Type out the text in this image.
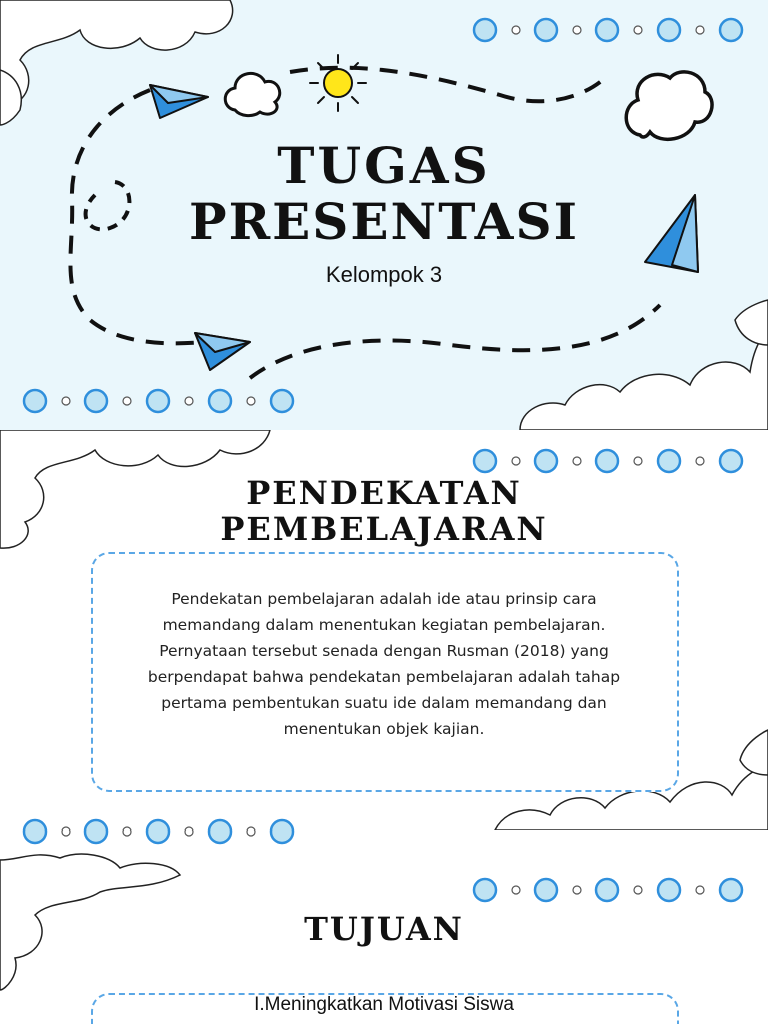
TUGAS
PRESENTASI
Kelompok 3
PENDEKATAN
PEMBELAJARAN

Pendekatan pembelajaran adalah ide atau prinsip cara memandang dalam menentukan kegiatan pembelajaran. Pernyataan tersebut senada dengan Rusman (2018) yang berpendapat bahwa pendekatan pembelajaran adalah tahap pertama pembentukan suatu ide dalam memandang dan menentukan objek kajian.

TUJUAN
I.Meningkatkan Motivasi Siswa
